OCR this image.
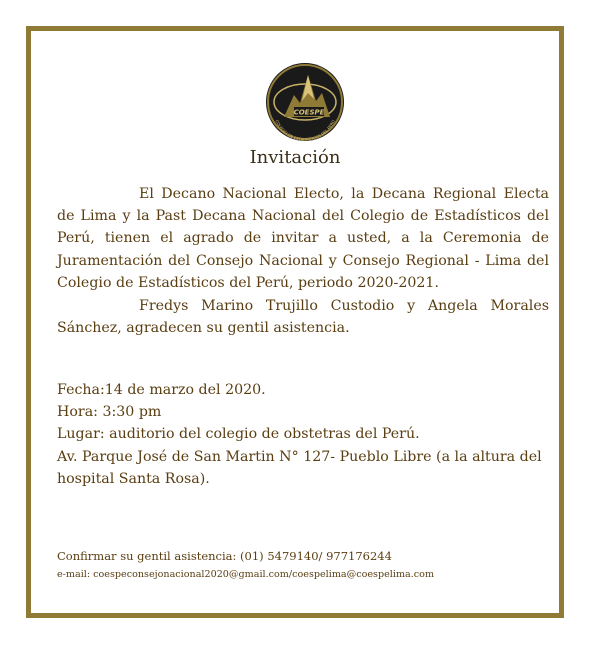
COESPE
COLEGIO DE ESTADISTICOS DEL PERU
Invitación
El Decano Nacional Electo, la Decana Regional Electa de Lima y la Past Decana Nacional del Colegio de Estadísticos del Perú, tienen el agrado de invitar a usted, a la Ceremonia de Juramentación del Consejo Nacional y Consejo Regional - Lima del Colegio de Estadísticos del Perú, periodo 2020-2021.
Fredys Marino Trujillo Custodio y Angela Morales Sánchez, agradecen su gentil asistencia.
Fecha:14 de marzo del 2020.
Hora: 3:30 pm
Lugar: auditorio del colegio de obstetras del Perú.
Av. Parque José de San Martin N° 127- Pueblo Libre (a la altura del hospital Santa Rosa).
Confirmar su gentil asistencia: (01) 5479140/ 977176244
e-mail: coespeconsejonacional2020@gmail.com/coespelima@coespelima.com
